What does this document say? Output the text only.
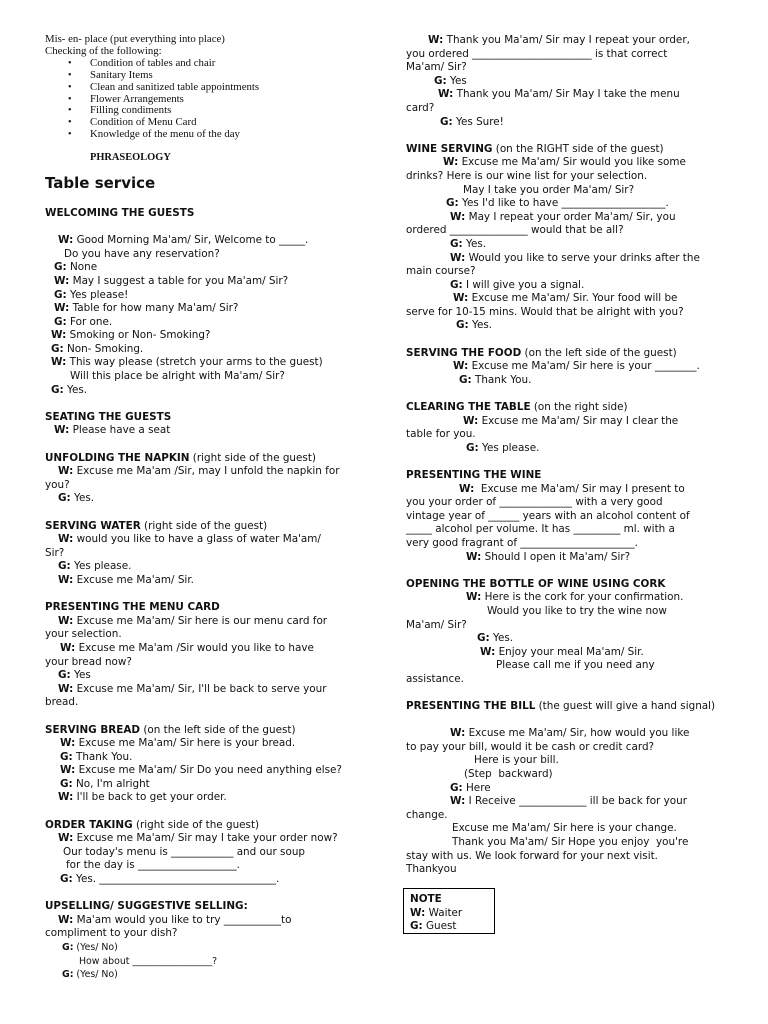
Mis- en- place (put everything into place)

Checking of the following:

• Condition of tables and chair
• Sanitary Items
• Clean and sanitized table appointments
• Flower Arrangements
• Filling condiments
• Condition of Menu Card
• Knowledge of the menu of the day

PHRASEOLOGY

Table service

WELCOMING THE GUESTS

W: Good Morning Ma'am/ Sir, Welcome to _____.

Do you have any reservation?

G: None

W: May I suggest a table for you Ma'am/ Sir?

G: Yes please!

W: Table for how many Ma'am/ Sir?

G: For one.

W: Smoking or Non- Smoking?

G: Non- Smoking.

W: This way please (stretch your arms to the guest)

Will this place be alright with Ma'am/ Sir?

G: Yes.

SEATING THE GUESTS

W: Please have a seat

UNFOLDING THE NAPKIN (right side of the guest)

W: Excuse me Ma'am /Sir, may I unfold the napkin for

you?

G: Yes.

SERVING WATER (right side of the guest)

W: would you like to have a glass of water Ma'am/

Sir?

G: Yes please.

W: Excuse me Ma'am/ Sir.

PRESENTING THE MENU CARD

W: Excuse me Ma'am/ Sir here is our menu card for

your selection.

W: Excuse me Ma'am /Sir would you like to have

your bread now?

G: Yes

W: Excuse me Ma'am/ Sir, I'll be back to serve your

bread.

SERVING BREAD (on the left side of the guest)

W: Excuse me Ma'am/ Sir here is your bread.

G: Thank You.

W: Excuse me Ma'am/ Sir Do you need anything else?

G: No, I'm alright

W: I'll be back to get your order.

ORDER TAKING (right side of the guest)

W: Excuse me Ma'am/ Sir may I take your order now?

Our today's menu is ____________ and our soup

for the day is ___________________.

G: Yes. __________________________________.

UPSELLING/ SUGGESTIVE SELLING:

W: Ma'am would you like to try ___________to

compliment to your dish?

G: (Yes/ No)

How about _________________?

G: (Yes/ No)

W: Thank you Ma'am/ Sir may I repeat your order,

you ordered _______________________ is that correct

Ma'am/ Sir?

G: Yes

W: Thank you Ma'am/ Sir May I take the menu

card?

G: Yes Sure!

WINE SERVING (on the RIGHT side of the guest)

W: Excuse me Ma'am/ Sir would you like some

drinks? Here is our wine list for your selection.

May I take you order Ma'am/ Sir?

G: Yes I'd like to have ____________________.

W: May I repeat your order Ma'am/ Sir, you

ordered _______________ would that be all?

G: Yes.

W: Would you like to serve your drinks after the

main course?

G: I will give you a signal.

W: Excuse me Ma'am/ Sir. Your food will be

serve for 10-15 mins. Would that be alright with you?

G: Yes.

SERVING THE FOOD (on the left side of the guest)

W: Excuse me Ma'am/ Sir here is your ________.

G: Thank You.

CLEARING THE TABLE (on the right side)

W: Excuse me Ma'am/ Sir may I clear the

table for you.

G: Yes please.

PRESENTING THE WINE

W:  Excuse me Ma'am/ Sir may I present to

you your order of ______________ with a very good

vintage year of ______ years with an alcohol content of

_____ alcohol per volume. It has _________ ml. with a

very good fragrant of ______________________.

W: Should I open it Ma'am/ Sir?

OPENING THE BOTTLE OF WINE USING CORK

W: Here is the cork for your confirmation.

Would you like to try the wine now

Ma'am/ Sir?

G: Yes.

W: Enjoy your meal Ma'am/ Sir.

Please call me if you need any

assistance.

PRESENTING THE BILL (the guest will give a hand signal)

W: Excuse me Ma'am/ Sir, how would you like

to pay your bill, would it be cash or credit card?

Here is your bill.

(Step  backward)

G: Here

W: I Receive _____________ ill be back for your

change.

Excuse me Ma'am/ Sir here is your change.

Thank you Ma'am/ Sir Hope you enjoy  you're

stay with us. We look forward for your next visit.

Thankyou

NOTE

W: Waiter

G: Guest
